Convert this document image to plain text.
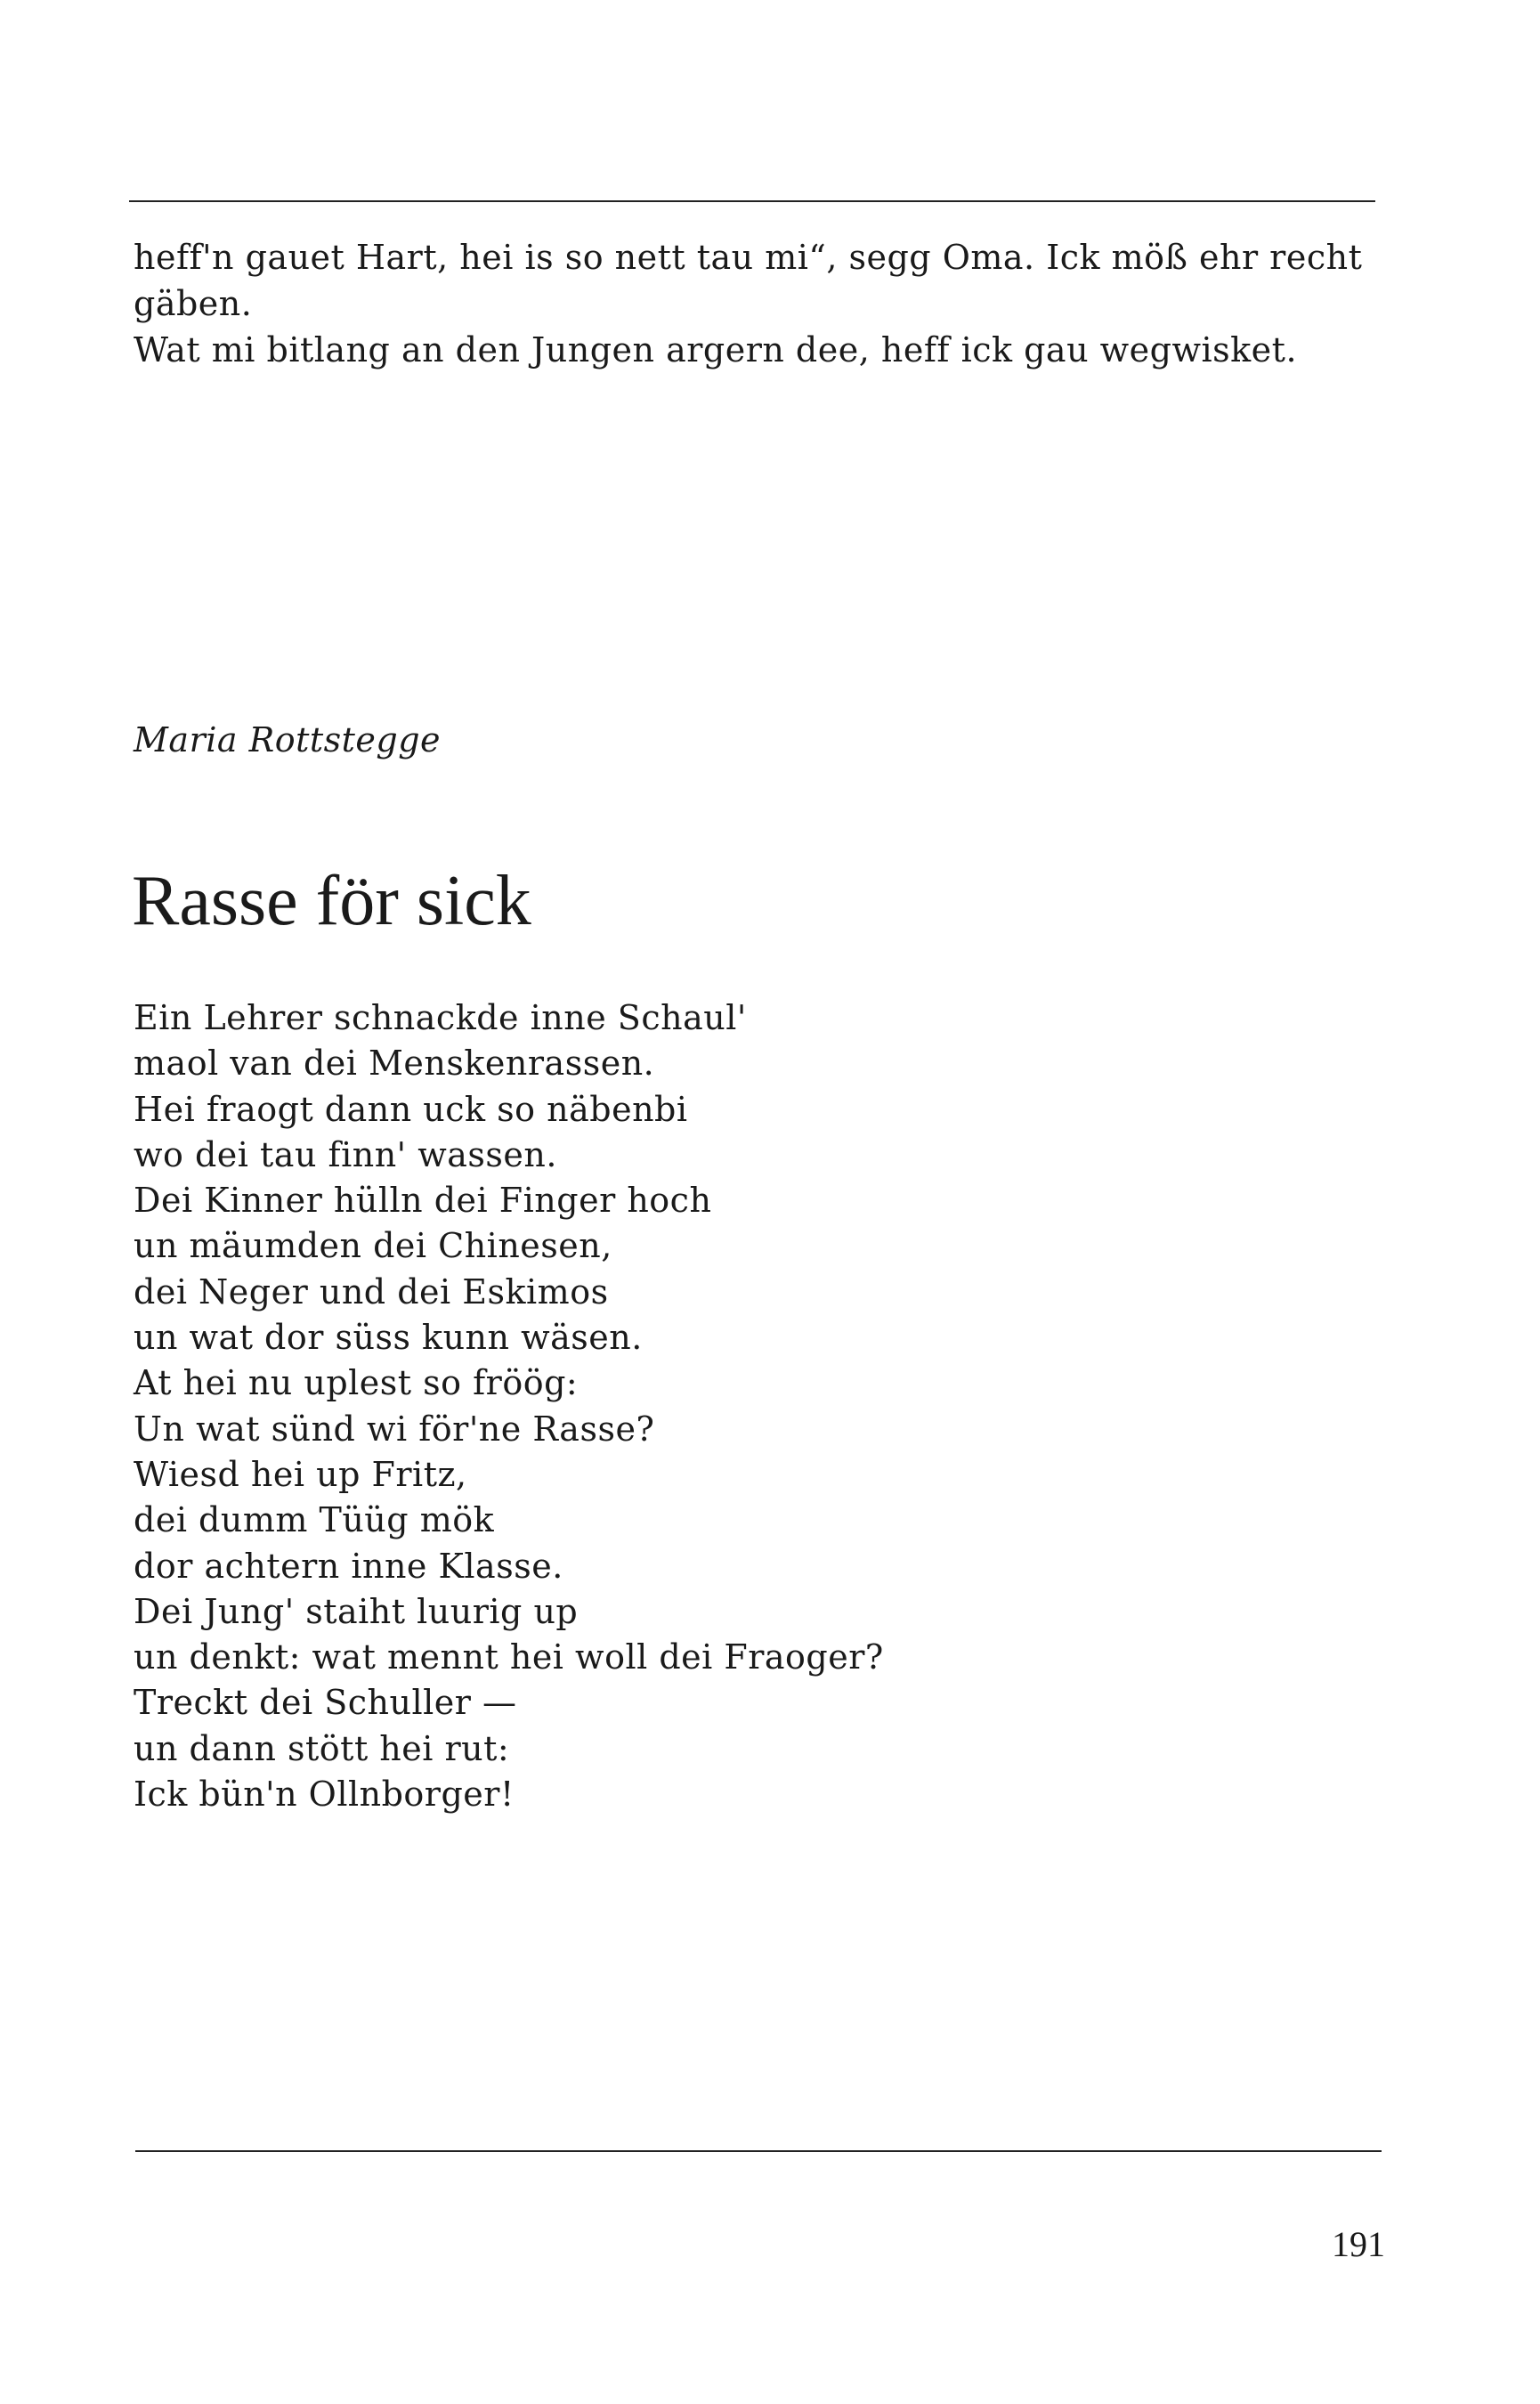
heff'n gauet Hart, hei is so nett tau mi“, segg Oma. Ick möß ehr recht gäben.

Wat mi bitlang an den Jungen argern dee, heff ick gau wegwisket.

Maria Rottstegge
Rasse för sick
Ein Lehrer schnackde inne Schaul'
maol van dei Menskenrassen.
Hei fraogt dann uck so näbenbi
wo dei tau finn' wassen.
Dei Kinner hülln dei Finger hoch
un mäumden dei Chinesen,
dei Neger und dei Eskimos
un wat dor süss kunn wäsen.
At hei nu uplest so fröög:
Un wat sünd wi för'ne Rasse?
Wiesd hei up Fritz,
dei dumm Tüüg mök
dor achtern inne Klasse.
Dei Jung' staiht luurig up
un denkt: wat mennt hei woll dei Fraoger?
Treckt dei Schuller —
un dann stött hei rut:
Ick bün'n Ollnborger!
191
